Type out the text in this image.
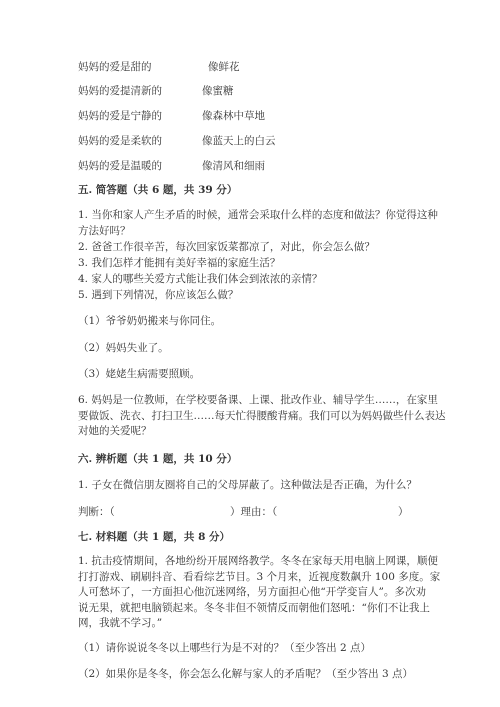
妈妈的爱是甜的	像鲜花
妈妈的爱提清新的	像蜜糖
妈妈的爱是宁静的	像森林中草地
妈妈的爱是柔软的	像蓝天上的白云
妈妈的爱是温暖的	像清风和细雨
五. 简答题（共 6 题，共 39 分）
1. 当你和家人产生矛盾的时候，通常会采取什么样的态度和做法？你觉得这种
方法好吗？
2. 爸爸工作很辛苦，每次回家饭菜都凉了，对此，你会怎么做？
3. 我们怎样才能拥有美好幸福的家庭生活？
4. 家人的哪些关爱方式能让我们体会到浓浓的亲情？
5. 遇到下列情况，你应该怎么做？
（1）爷爷奶奶搬来与你同住。
（2）妈妈失业了。
（3）姥姥生病需要照顾。
6. 妈妈是一位教师，在学校要备课、上课、批改作业、辅导学生……，在家里
要做饭、洗衣、打扫卫生……每天忙得腰酸背痛。我们可以为妈妈做些什么表达
对她的关爱呢？
六. 辨析题（共 1 题，共 10 分）
1. 子女在微信朋友圈将自己的父母屏蔽了。这种做法是否正确，为什么？
判断：（	）理由：（	）
七. 材料题（共 1 题，共 8 分）
1. 抗击疫情期间，各地纷纷开展网络教学。冬冬在家每天用电脑上网课，顺便
打打游戏、刷刷抖音、看看综艺节目。3 个月来，近视度数飙升 100 多度。家
人可愁坏了，一方面担心他沉迷网络，另方面担心他“开学变盲人”。多次劝
说无果，就把电脑锁起来。冬冬非但不领情反而朝他们怒吼：“你们不让我上
网，我就不学习。”
（1）请你说说冬冬以上哪些行为是不对的？（至少答出 2 点）
（2）如果你是冬冬，你会怎么化解与家人的矛盾呢？（至少答出 3 点）
